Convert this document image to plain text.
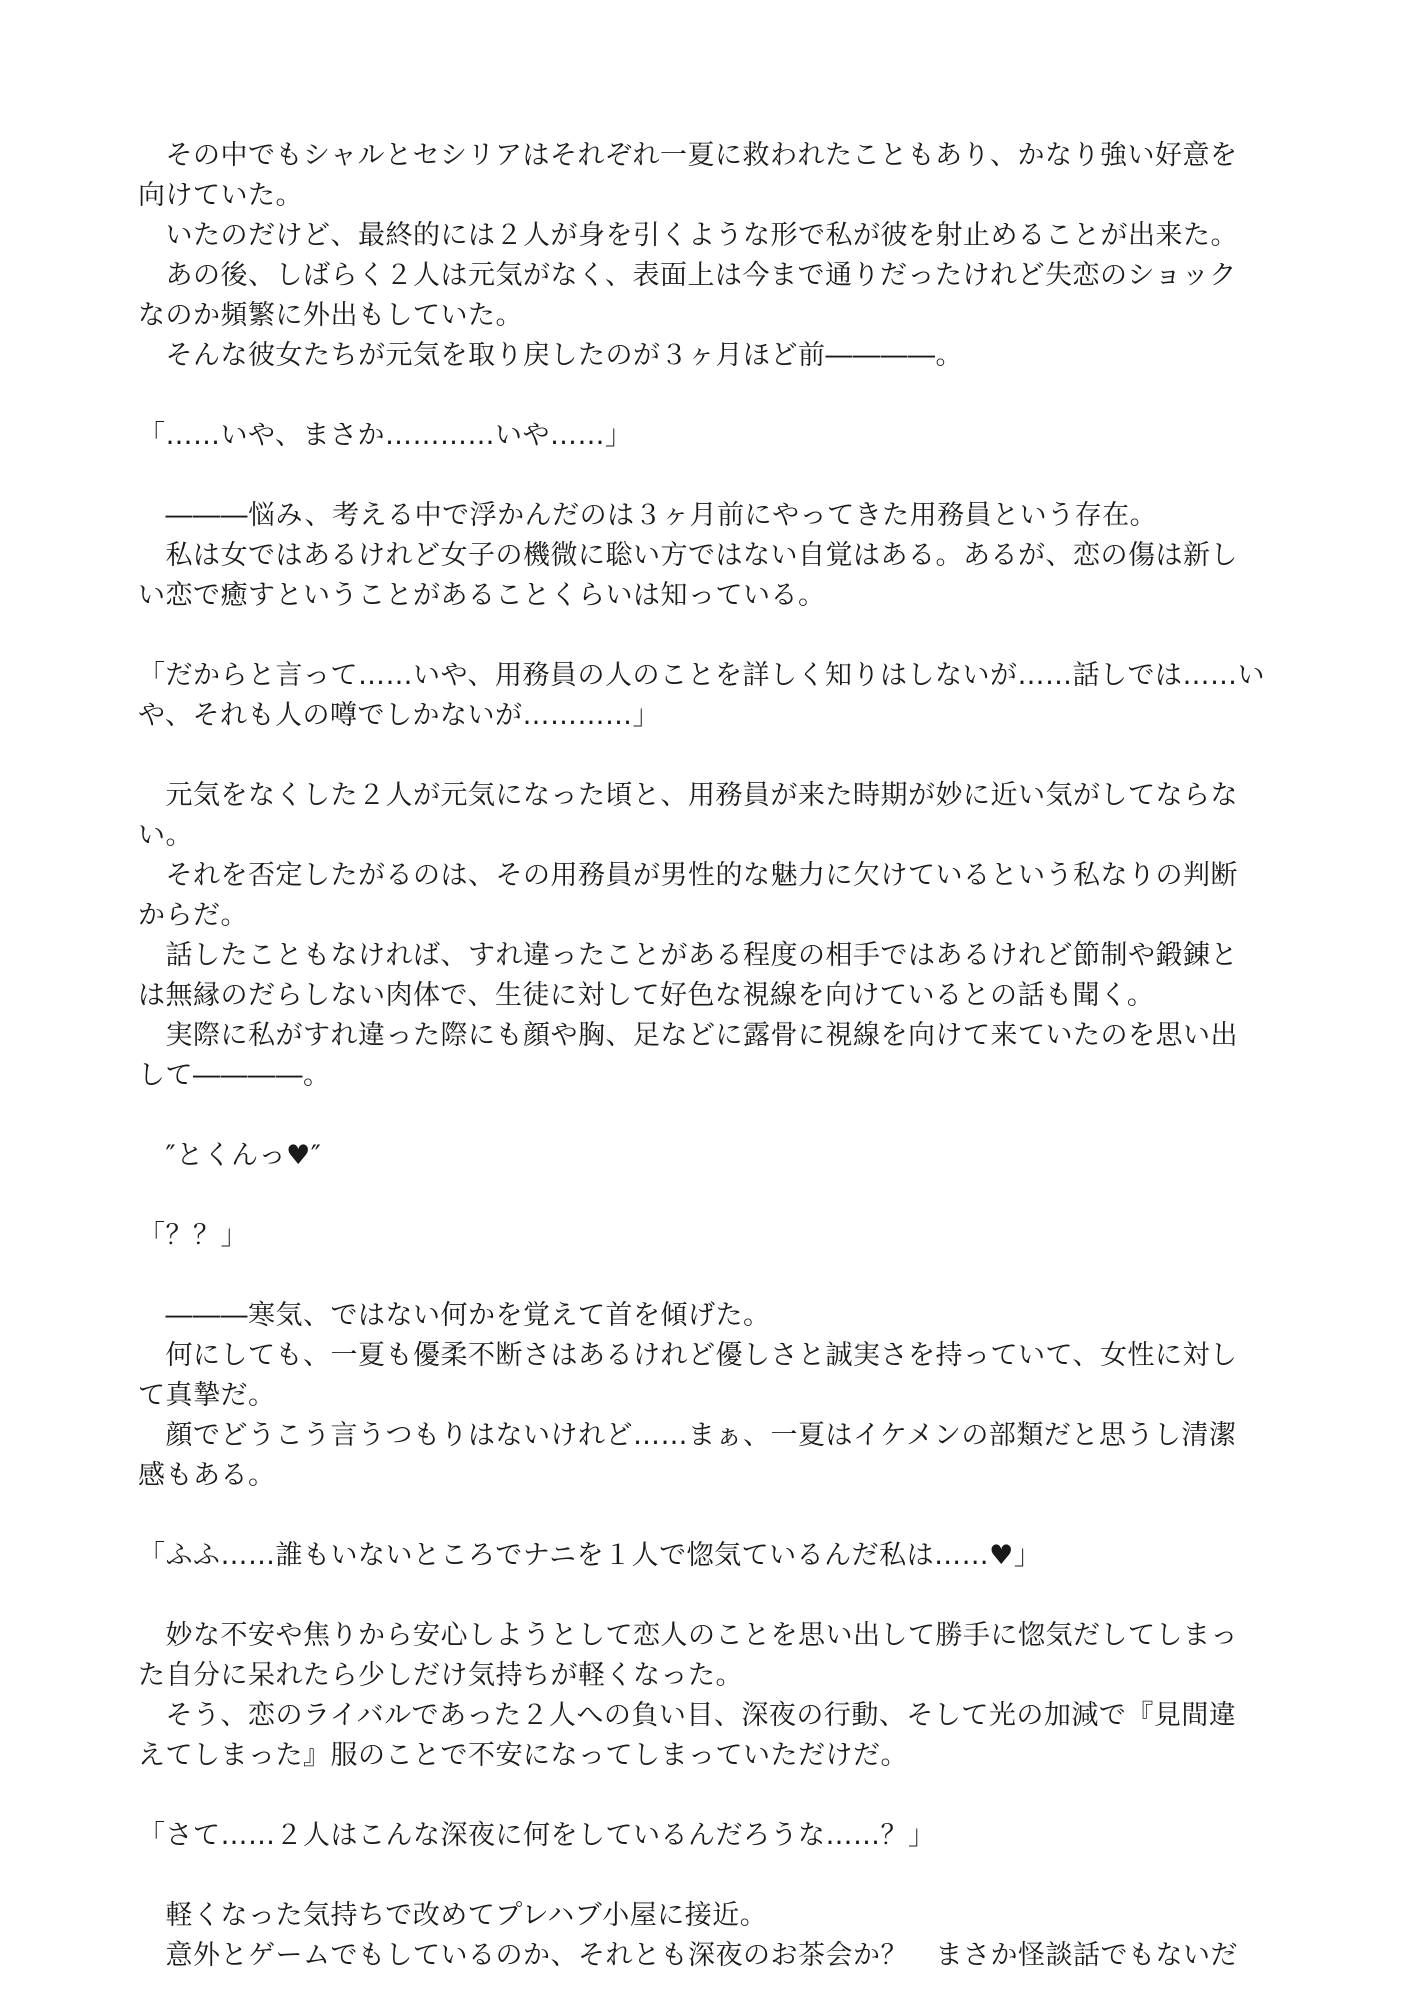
　その中でもシャルとセシリアはそれぞれ一夏に救われたこともあり、かなり強い好意を

向けていた。

　いたのだけど、最終的には２人が身を引くような形で私が彼を射止めることが出来た。

　あの後、しばらく２人は元気がなく、表面上は今まで通りだったけれど失恋のショック

なのか頻繁に外出もしていた。

　そんな彼女たちが元気を取り戻したのが３ヶ月ほど前――――。

「……いや、まさか…………いや……」

　―――悩み、考える中で浮かんだのは３ヶ月前にやってきた用務員という存在。

　私は女ではあるけれど女子の機微に聡い方ではない自覚はある。あるが、恋の傷は新し

い恋で癒すということがあることくらいは知っている。

「だからと言って……いや、用務員の人のことを詳しく知りはしないが……話しでは……い

や、それも人の噂でしかないが…………」

　元気をなくした２人が元気になった頃と、用務員が来た時期が妙に近い気がしてならな

い。

　それを否定したがるのは、その用務員が男性的な魅力に欠けているという私なりの判断

からだ。

　話したこともなければ、すれ違ったことがある程度の相手ではあるけれど節制や鍛錬と

は無縁のだらしない肉体で、生徒に対して好色な視線を向けているとの話も聞く。

　実際に私がすれ違った際にも顔や胸、足などに露骨に視線を向けて来ていたのを思い出

して――――。

　″とくんっ♥″

「？？」

　―――寒気、ではない何かを覚えて首を傾げた。

　何にしても、一夏も優柔不断さはあるけれど優しさと誠実さを持っていて、女性に対し

て真摯だ。

　顔でどうこう言うつもりはないけれど……まぁ、一夏はイケメンの部類だと思うし清潔

感もある。

「ふふ……誰もいないところでナニを１人で惚気ているんだ私は……♥」

　妙な不安や焦りから安心しようとして恋人のことを思い出して勝手に惚気だしてしまっ

た自分に呆れたら少しだけ気持ちが軽くなった。

　そう、恋のライバルであった２人への負い目、深夜の行動、そして光の加減で『見間違

えてしまった』服のことで不安になってしまっていただけだ。

「さて……２人はこんな深夜に何をしているんだろうな……？」

　軽くなった気持ちで改めてプレハブ小屋に接近。

　意外とゲームでもしているのか、それとも深夜のお茶会か？　まさか怪談話でもないだ
